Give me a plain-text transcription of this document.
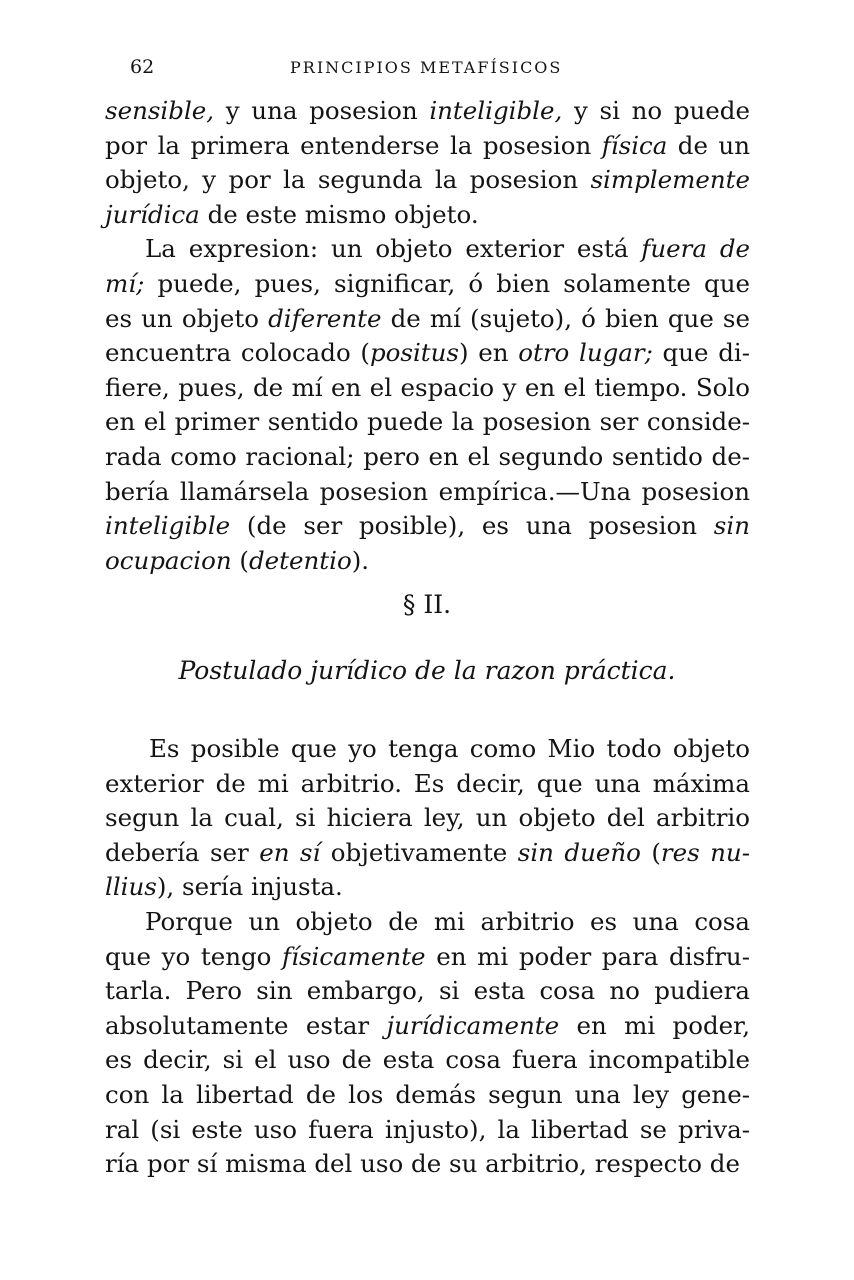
62	PRINCIPIOS METAFÍSICOS

sensible, y una posesion inteligible, y si no puede
por la primera entenderse la posesion física de un
objeto, y por la segunda la posesion simplemente
jurídica de este mismo objeto.
La expresion: un objeto exterior está fuera de
mí; puede, pues, significar, ó bien solamente que
es un objeto diferente de mí (sujeto), ó bien que se
encuentra colocado (positus) en otro lugar; que di-
fiere, pues, de mí en el espacio y en el tiempo. Solo
en el primer sentido puede la posesion ser conside-
rada como racional; pero en el segundo sentido de-
bería llamársela posesion empírica.—Una posesion
inteligible (de ser posible), es una posesion sin
ocupacion (detentio).

§ II.
Postulado jurídico de la razon práctica.

Es posible que yo tenga como Mio todo objeto
exterior de mi arbitrio. Es decir, que una máxima
segun la cual, si hiciera ley, un objeto del arbitrio
debería ser en sí objetivamente sin dueño (res nu-
llius), sería injusta.
Porque un objeto de mi arbitrio es una cosa
que yo tengo físicamente en mi poder para disfru-
tarla. Pero sin embargo, si esta cosa no pudiera
absolutamente estar jurídicamente en mi poder,
es decir, si el uso de esta cosa fuera incompatible
con la libertad de los demás segun una ley gene-
ral (si este uso fuera injusto), la libertad se priva-
ría por sí misma del uso de su arbitrio, respecto de
